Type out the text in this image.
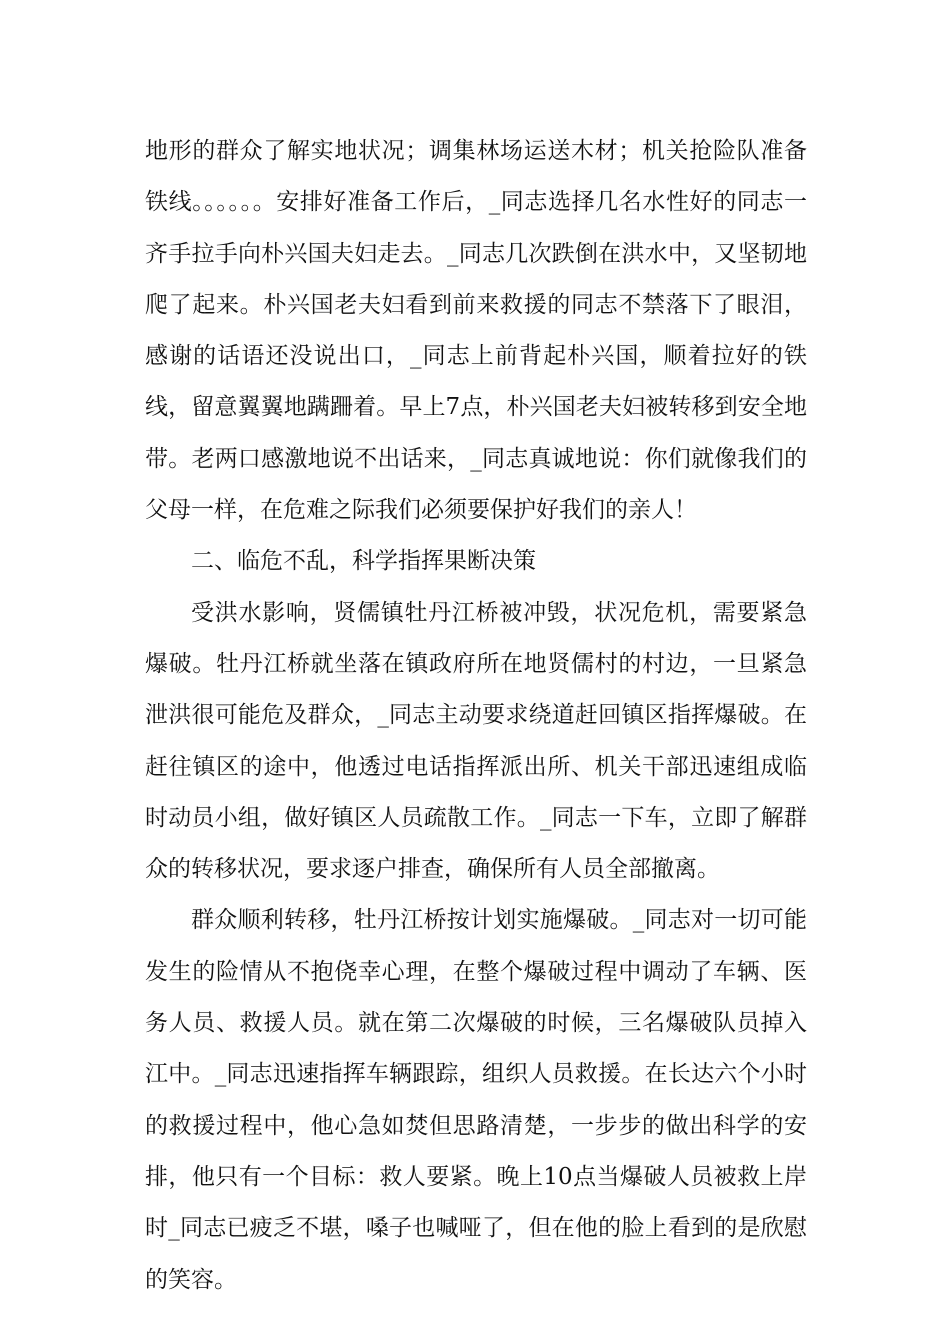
地形的群众了解实地状况；调集林场运送木材；机关抢险队准备铁线。。。。。。安排好准备工作后，_同志选择几名水性好的同志一齐手拉手向朴兴国夫妇走去。_同志几次跌倒在洪水中，又坚韧地爬了起来。朴兴国老夫妇看到前来救援的同志不禁落下了眼泪，感谢的话语还没说出口，_同志上前背起朴兴国，顺着拉好的铁线，留意翼翼地蹒跚着。早上7点，朴兴国老夫妇被转移到安全地带。老两口感激地说不出话来，_同志真诚地说：你们就像我们的父母一样，在危难之际我们必须要保护好我们的亲人！

二、临危不乱，科学指挥果断决策

受洪水影响，贤儒镇牡丹江桥被冲毁，状况危机，需要紧急爆破。牡丹江桥就坐落在镇政府所在地贤儒村的村边，一旦紧急泄洪很可能危及群众，_同志主动要求绕道赶回镇区指挥爆破。在赶往镇区的途中，他透过电话指挥派出所、机关干部迅速组成临时动员小组，做好镇区人员疏散工作。_同志一下车，立即了解群众的转移状况，要求逐户排查，确保所有人员全部撤离。

群众顺利转移，牡丹江桥按计划实施爆破。_同志对一切可能发生的险情从不抱侥幸心理，在整个爆破过程中调动了车辆、医务人员、救援人员。就在第二次爆破的时候，三名爆破队员掉入江中。_同志迅速指挥车辆跟踪，组织人员救援。在长达六个小时的救援过程中，他心急如焚但思路清楚，一步步的做出科学的安排，他只有一个目标：救人要紧。晚上10点当爆破人员被救上岸时_同志已疲乏不堪，嗓子也喊哑了，但在他的脸上看到的是欣慰的笑容。
